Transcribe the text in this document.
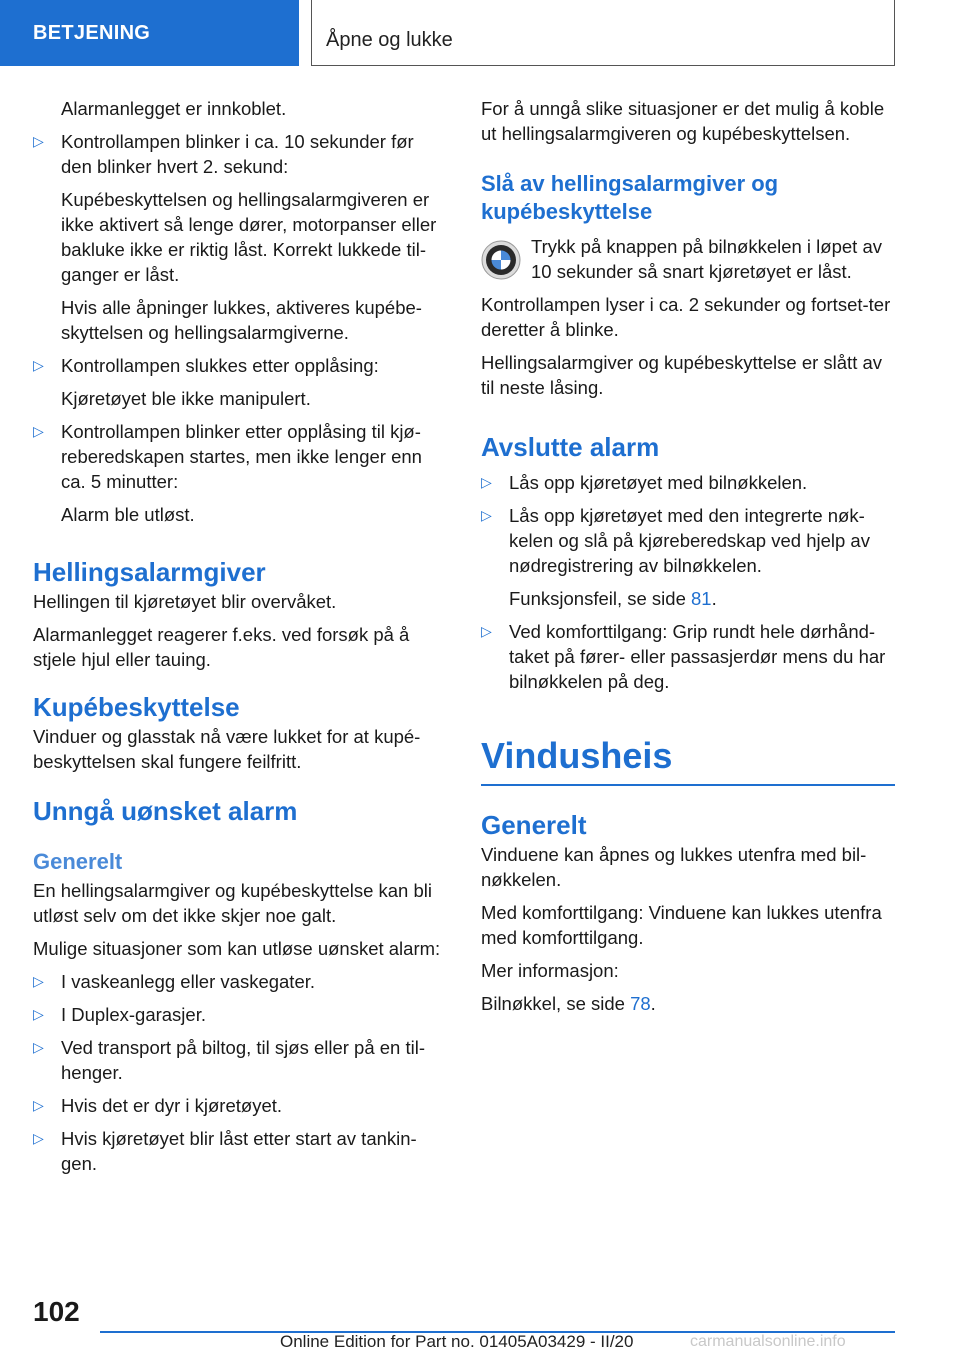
BETJENING	Åpne og lukke

Alarmanlegget er innkoblet.

▷ Kontrollampen blinker i ca. 10 sekunder før den blinker hvert 2. sekund:

Kupébeskyttelsen og hellingsalarmgiveren er ikke aktivert så lenge dører, motorpanser eller bakluke ikke er riktig låst. Korrekt lukkede til-ganger er låst.

Hvis alle åpninger lukkes, aktiveres kupébe-skyttelsen og hellingsalarmgiverne.

▷ Kontrollampen slukkes etter opplåsing:

Kjøretøyet ble ikke manipulert.

▷ Kontrollampen blinker etter opplåsing til kjø-reberedskapen startes, men ikke lenger enn ca. 5 minutter:

Alarm ble utløst.

Hellingsalarmgiver

Hellingen til kjøretøyet blir overvåket.

Alarmanlegget reagerer f.eks. ved forsøk på å stjele hjul eller tauing.

Kupébeskyttelse

Vinduer og glasstak nå være lukket for at kupé-beskyttelsen skal fungere feilfritt.

Unngå uønsket alarm
Generelt

En hellingsalarmgiver og kupébeskyttelse kan bli utløst selv om det ikke skjer noe galt.

Mulige situasjoner som kan utløse uønsket alarm:

▷ I vaskeanlegg eller vaskegater.

▷ I Duplex-garasjer.

▷ Ved transport på biltog, til sjøs eller på en til-henger.

▷ Hvis det er dyr i kjøretøyet.

▷ Hvis kjøretøyet blir låst etter start av tankin-gen.

For å unngå slike situasjoner er det mulig å koble ut hellingsalarmgiveren og kupébeskyttelsen.

Slå av hellingsalarmgiver og kupébeskyttelse

Trykk på knappen på bilnøkkelen i løpet av 10 sekunder så snart kjøretøyet er låst.

Kontrollampen lyser i ca. 2 sekunder og fortset-ter deretter å blinke.

Hellingsalarmgiver og kupébeskyttelse er slått av til neste låsing.

Avslutte alarm
▷ Lås opp kjøretøyet med bilnøkkelen.

▷ Lås opp kjøretøyet med den integrerte nøk-kelen og slå på kjøreberedskap ved hjelp av nødregistrering av bilnøkkelen.

Funksjonsfeil, se side 81.

▷ Ved komforttilgang: Grip rundt hele dørhånd-taket på fører- eller passasjerdør mens du har bilnøkkelen på deg.

Vindusheis
Generelt

Vinduene kan åpnes og lukkes utenfra med bil-nøkkelen.

Med komforttilgang: Vinduene kan lukkes utenfra med komforttilgang.

Mer informasjon:

Bilnøkkel, se side 78.

102
Online Edition for Part no. 01405A03429 - II/20	carmanualsonline.info
